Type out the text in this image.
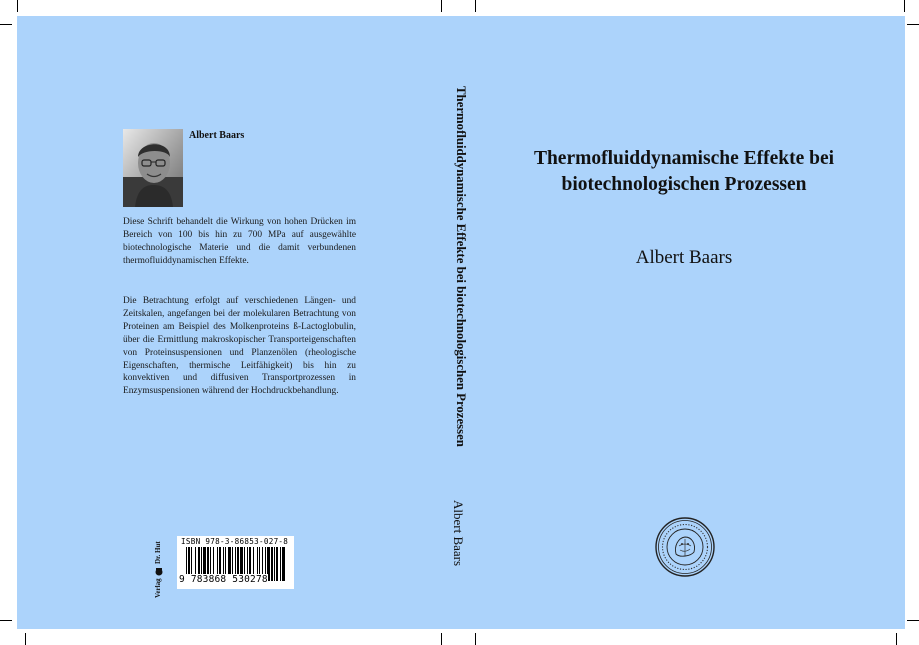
Albert Baars
Diese Schrift behandelt die Wirkung von hohen Drücken im Bereich von 100 bis hin zu 700 MPa auf ausgewählte biotechnologische Materie und die damit verbundenen thermofluiddynamischen Effekte.
Die Betrachtung erfolgt auf verschiedenen Längen- und Zeitskalen, angefangen bei der molekularen Betrachtung von Proteinen am Beispiel des Molkenproteins ß-Lactoglobulin, über die Ermittlung makroskopischer Transporteigenschaften von Proteinsuspensionen und Planzenölen (rheologische Eigenschaften, thermische Leitfähigkeit) bis hin zu konvektiven und diffusiven Transportprozessen in Enzymsuspensionen während der Hochdruckbehandlung.
Verlag
Dr. Hut	ISBN 978-3-86853-027-8
9 783868 530278
Thermofluiddynamische Effekte bei biotechnologischen Prozessen
Albert Baars
Thermofluiddynamische Effekte bei
biotechnologischen Prozessen
Albert Baars
